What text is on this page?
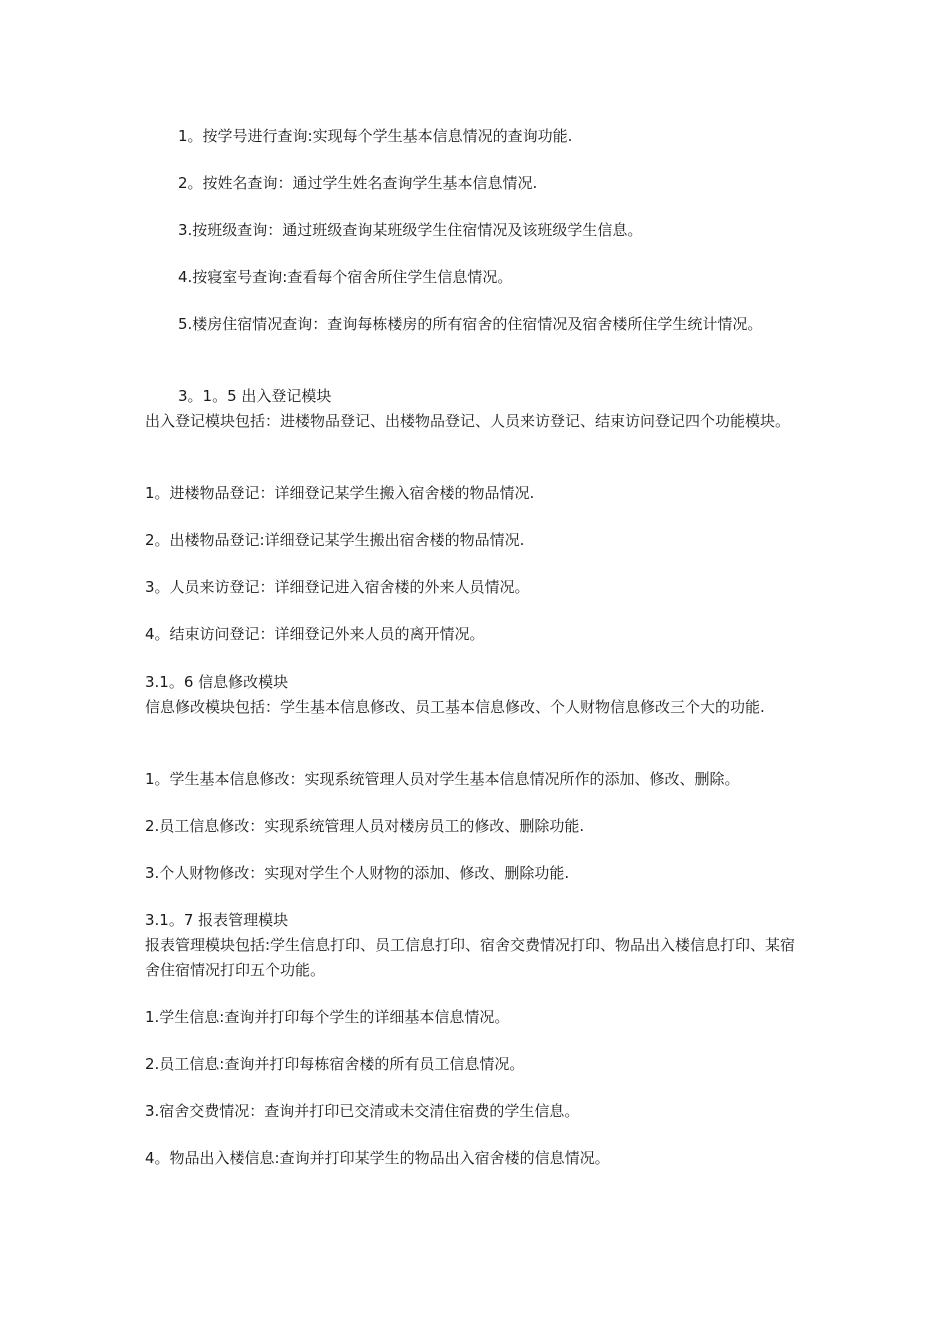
1。按学号进行查询:实现每个学生基本信息情况的查询功能.

2。按姓名查询：通过学生姓名查询学生基本信息情况.

3.按班级查询：通过班级查询某班级学生住宿情况及该班级学生信息。

4.按寝室号查询:查看每个宿舍所住学生信息情况。

5.楼房住宿情况查询：查询每栋楼房的所有宿舍的住宿情况及宿舍楼所住学生统计情况。

3。1。5 出入登记模块

出入登记模块包括：进楼物品登记、出楼物品登记、人员来访登记、结束访问登记四个功能模块。

1。进楼物品登记：详细登记某学生搬入宿舍楼的物品情况.

2。出楼物品登记:详细登记某学生搬出宿舍楼的物品情况.

3。人员来访登记：详细登记进入宿舍楼的外来人员情况。

4。结束访问登记：详细登记外来人员的离开情况。

3.1。6 信息修改模块

信息修改模块包括：学生基本信息修改、员工基本信息修改、个人财物信息修改三个大的功能.

1。学生基本信息修改：实现系统管理人员对学生基本信息情况所作的添加、修改、删除。

2.员工信息修改：实现系统管理人员对楼房员工的修改、删除功能.

3.个人财物修改：实现对学生个人财物的添加、修改、删除功能.

3.1。7 报表管理模块

报表管理模块包括:学生信息打印、员工信息打印、宿舍交费情况打印、物品出入楼信息打印、某宿舍住宿情况打印五个功能。

1.学生信息:查询并打印每个学生的详细基本信息情况。

2.员工信息:查询并打印每栋宿舍楼的所有员工信息情况。

3.宿舍交费情况：查询并打印已交清或未交清住宿费的学生信息。

4。物品出入楼信息:查询并打印某学生的物品出入宿舍楼的信息情况。
